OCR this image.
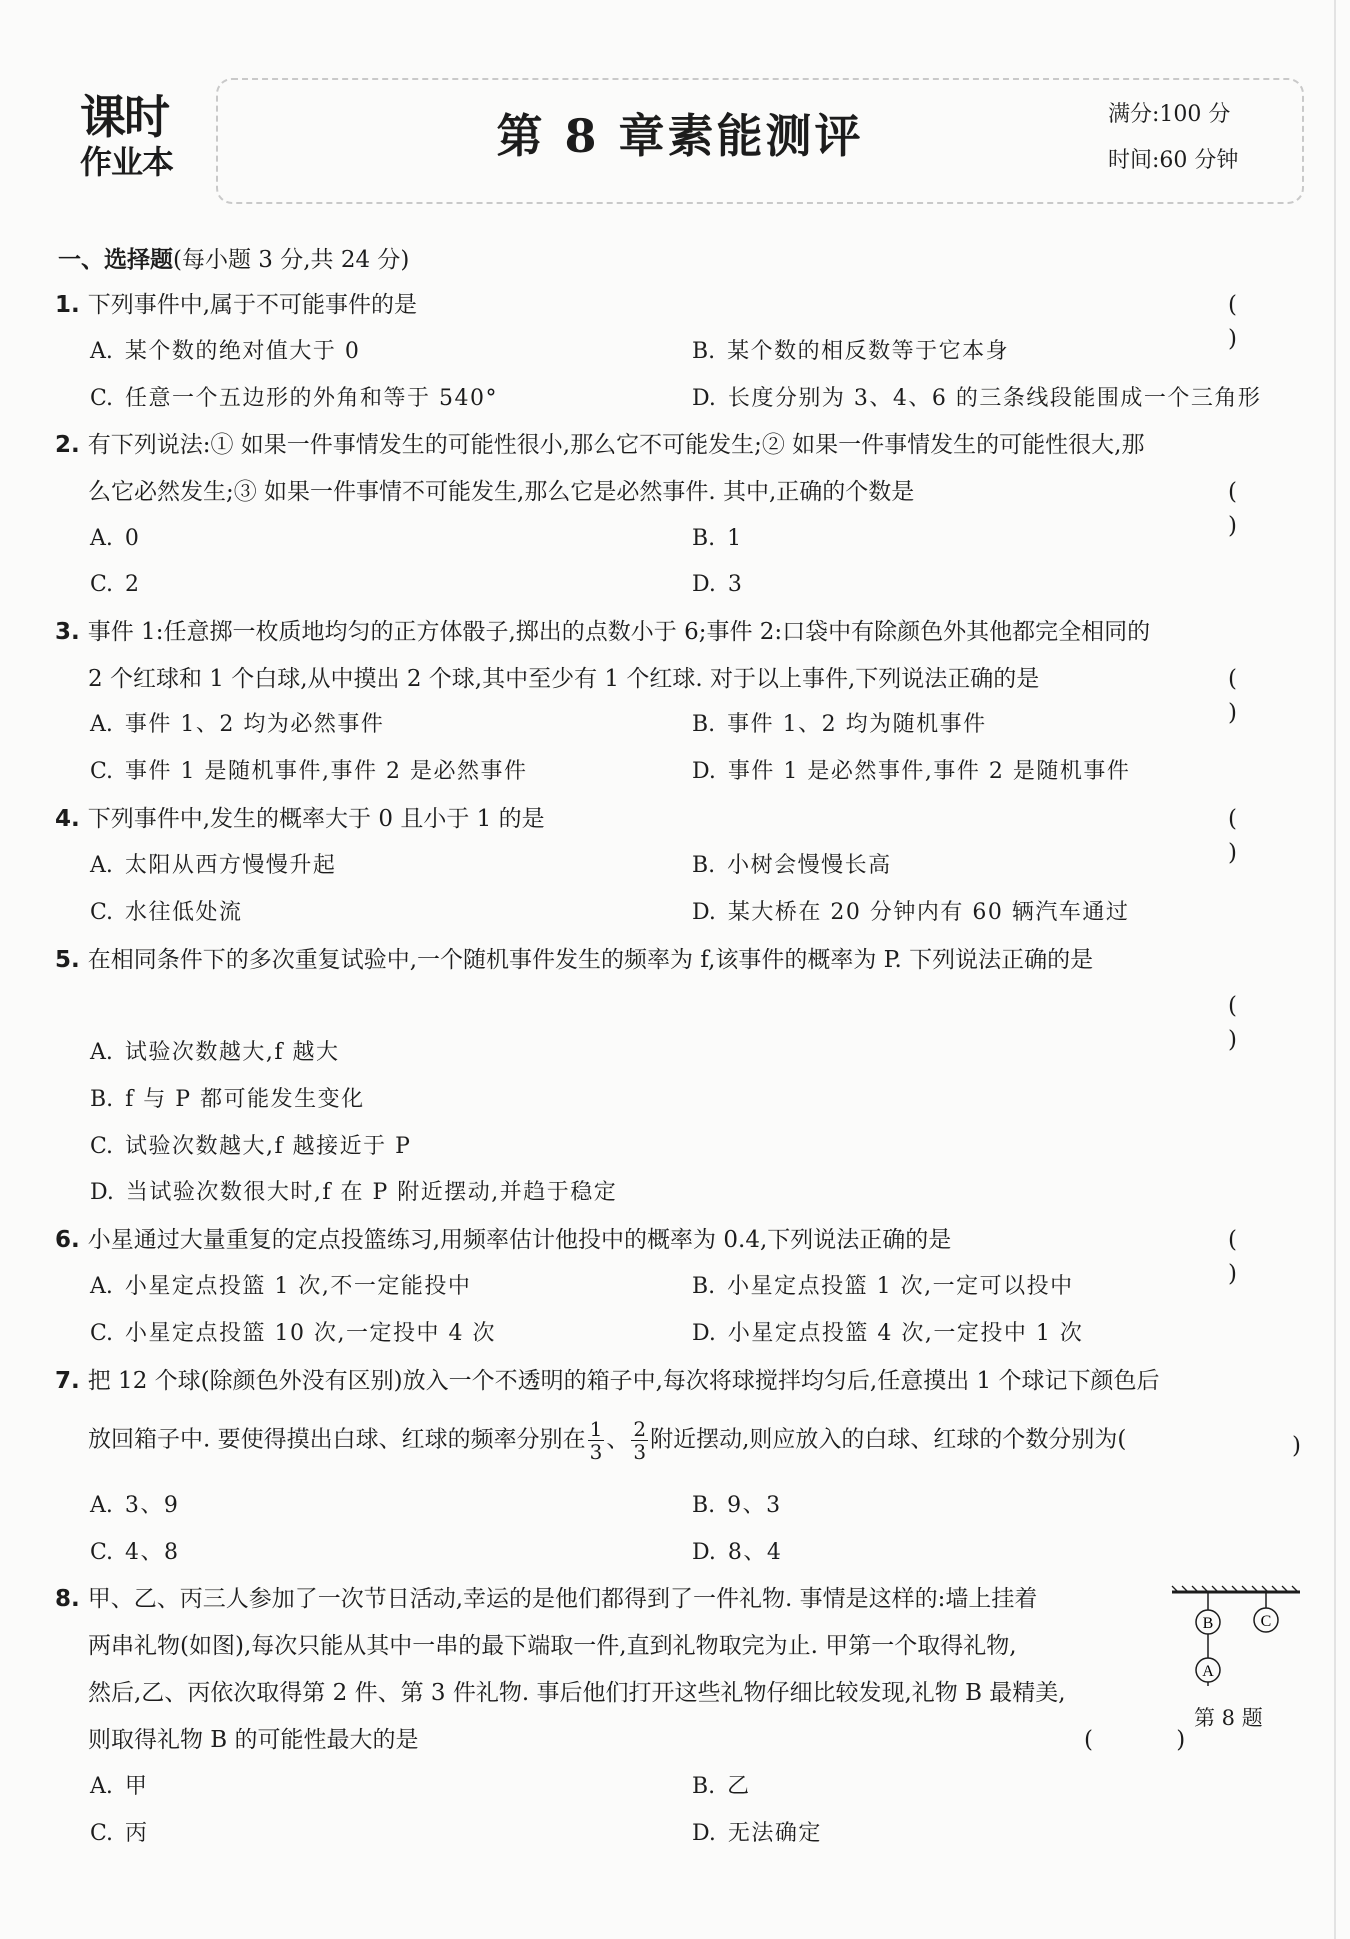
课时
作业本	第 8 章素能测评	满分:100 分
时间:60 分钟
一、选择题(每小题 3 分,共 24 分)
1. 下列事件中,属于不可能事件的是	( )
A. 某个数的绝对值大于 0	B. 某个数的相反数等于它本身
C. 任意一个五边形的外角和等于 540°	D. 长度分别为 3、4、6 的三条线段能围成一个三角形
2. 有下列说法:① 如果一件事情发生的可能性很小,那么它不可能发生;② 如果一件事情发生的可能性很大,那
么它必然发生;③ 如果一件事情不可能发生,那么它是必然事件. 其中,正确的个数是	( )
A. 0	B. 1
C. 2	D. 3
3. 事件 1:任意掷一枚质地均匀的正方体骰子,掷出的点数小于 6;事件 2:口袋中有除颜色外其他都完全相同的
2 个红球和 1 个白球,从中摸出 2 个球,其中至少有 1 个红球. 对于以上事件,下列说法正确的是	( )
A. 事件 1、2 均为必然事件	B. 事件 1、2 均为随机事件
C. 事件 1 是随机事件,事件 2 是必然事件	D. 事件 1 是必然事件,事件 2 是随机事件
4. 下列事件中,发生的概率大于 0 且小于 1 的是	( )
A. 太阳从西方慢慢升起	B. 小树会慢慢长高
C. 水往低处流	D. 某大桥在 20 分钟内有 60 辆汽车通过
5. 在相同条件下的多次重复试验中,一个随机事件发生的频率为 f,该事件的概率为 P. 下列说法正确的是
( )
A. 试验次数越大,f 越大
B. f 与 P 都可能发生变化
C. 试验次数越大,f 越接近于 P
D. 当试验次数很大时,f 在 P 附近摆动,并趋于稳定
6. 小星通过大量重复的定点投篮练习,用频率估计他投中的概率为 0.4,下列说法正确的是	( )
A. 小星定点投篮 1 次,不一定能投中	B. 小星定点投篮 1 次,一定可以投中
C. 小星定点投篮 10 次,一定投中 4 次	D. 小星定点投篮 4 次,一定投中 1 次
7. 把 12 个球(除颜色外没有区别)放入一个不透明的箱子中,每次将球搅拌均匀后,任意摸出 1 个球记下颜色后
放回箱子中. 要使得摸出白球、红球的频率分别在 $\frac{1}{3}$ 、 $\frac{2}{3}$ 附近摆动,则应放入的白球、红球的个数分别为(	)
A. 3、9	B. 9、3
C. 4、8	D. 8、4
8. 甲、乙、丙三人参加了一次节日活动,幸运的是他们都得到了一件礼物. 事情是这样的:墙上挂着
两串礼物(如图),每次只能从其中一串的最下端取一件,直到礼物取完为止. 甲第一个取得礼物,
然后,乙、丙依次取得第 2 件、第 3 件礼物. 事后他们打开这些礼物仔细比较发现,礼物 B 最精美,
则取得礼物 B 的可能性最大的是	( )
B	C
A
第 8 题
A. 甲	B. 乙
C. 丙	D. 无法确定
